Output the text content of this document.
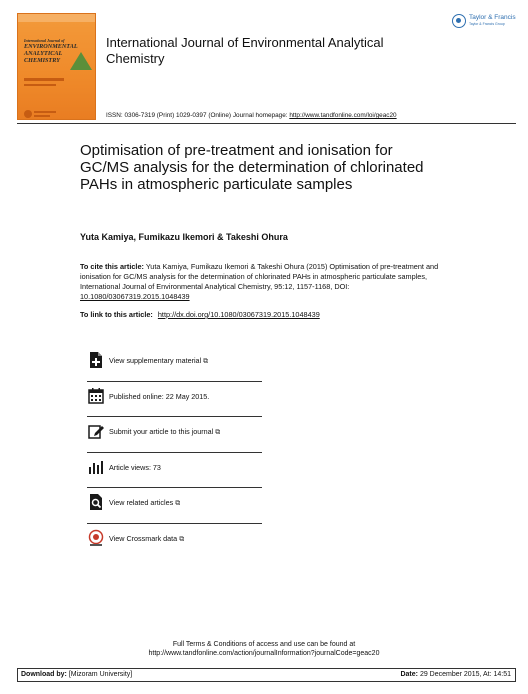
International Journal of
ENVIRONMENTAL
ANALYTICAL
CHEMISTRY
International Journal of Environmental Analytical Chemistry
Taylor & Francis
Taylor & Francis Group
ISSN: 0306-7319 (Print) 1029-0397 (Online) Journal homepage: http://www.tandfonline.com/loi/geac20
Optimisation of pre-treatment and ionisation for GC/MS analysis for the determination of chlorinated PAHs in atmospheric particulate samples
Yuta Kamiya, Fumikazu Ikemori & Takeshi Ohura
To cite this article: Yuta Kamiya, Fumikazu Ikemori & Takeshi Ohura (2015) Optimisation of pre-treatment and ionisation for GC/MS analysis for the determination of chlorinated PAHs in atmospheric particulate samples, International Journal of Environmental Analytical Chemistry, 95:12, 1157-1168, DOI: 10.1080/03067319.2015.1048439
To link to this article: http://dx.doi.org/10.1080/03067319.2015.1048439
View supplementary material ⧉
Published online: 22 May 2015.
Submit your article to this journal ⧉
Article views: 73
View related articles ⧉
View Crossmark data ⧉
Full Terms & Conditions of access and use can be found at
http://www.tandfonline.com/action/journalInformation?journalCode=geac20
Download by: [Mizoram University]	Date: 29 December 2015, At: 14:51
